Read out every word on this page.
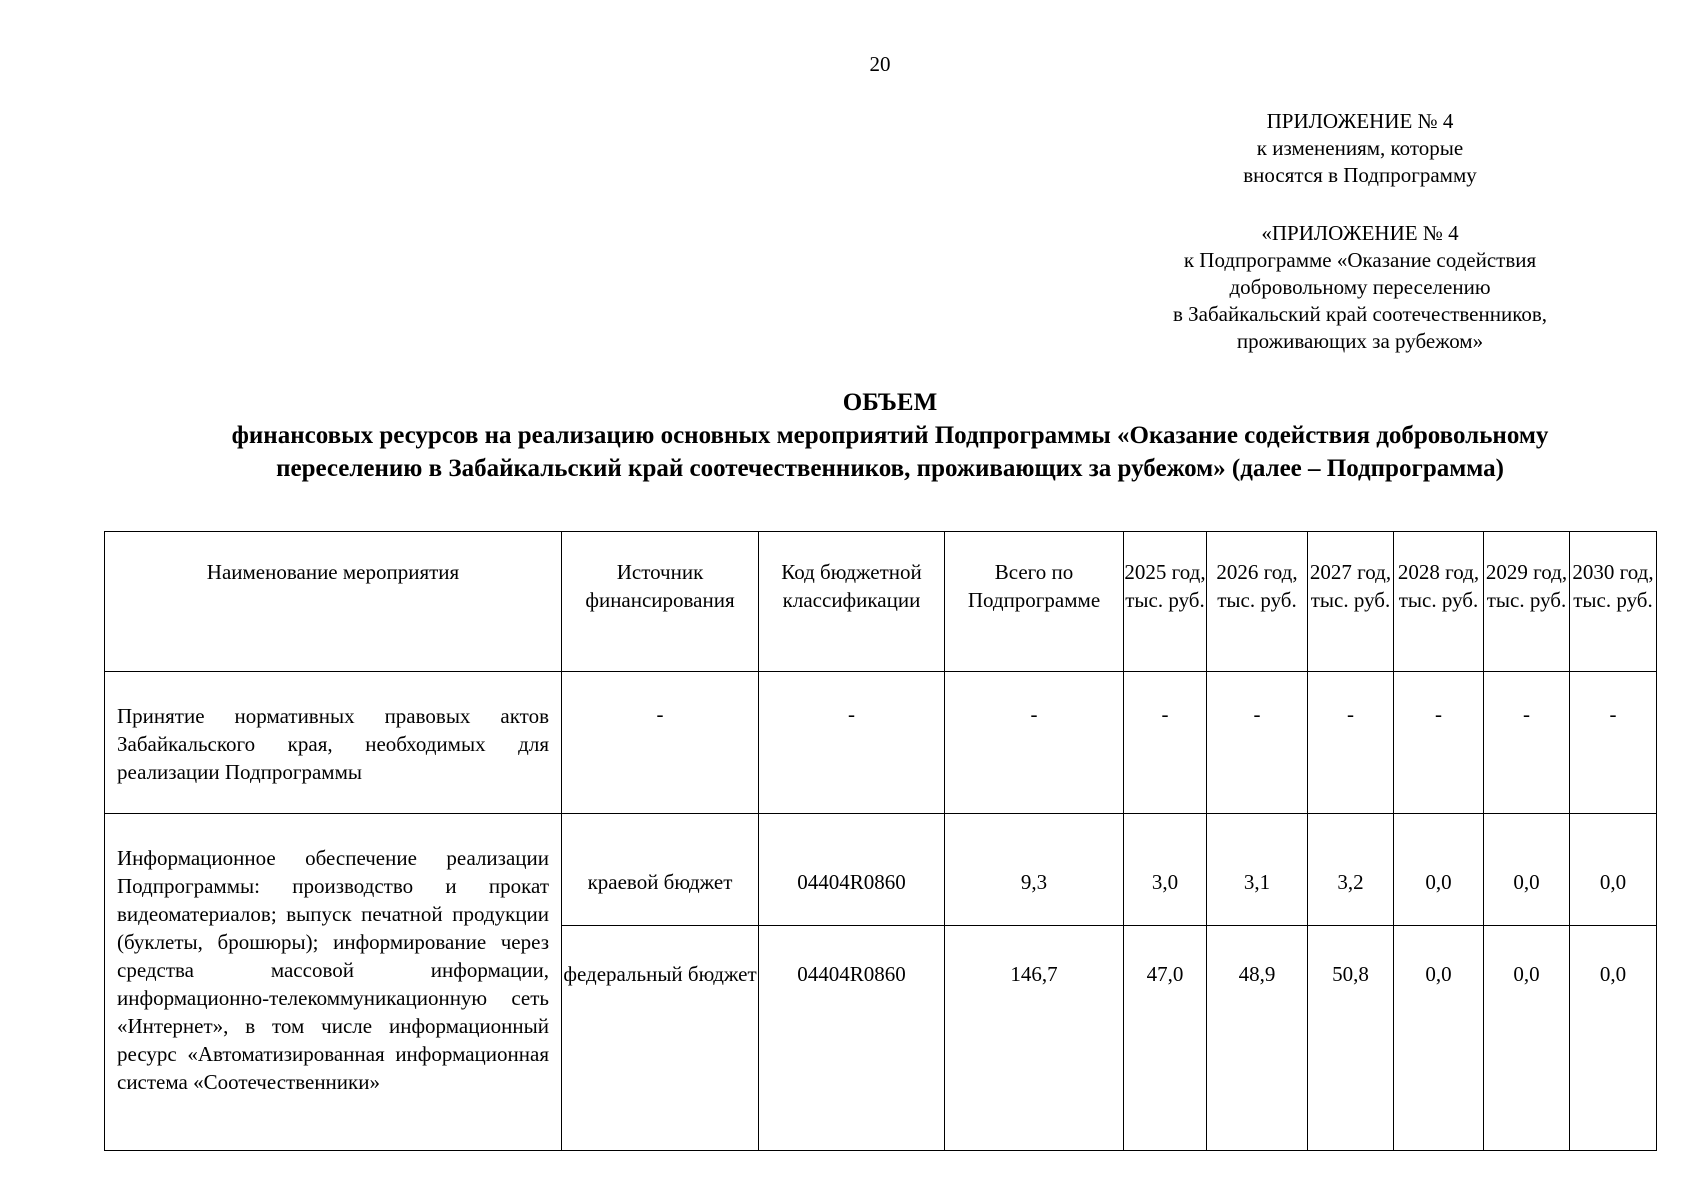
20
ПРИЛОЖЕНИЕ № 4
к изменениям, которые
вносятся в Подпрограмму
«ПРИЛОЖЕНИЕ № 4
к Подпрограмме «Оказание содействия
добровольному переселению
в Забайкальский край соотечественников,
проживающих за рубежом»
ОБЪЕМ
финансовых ресурсов на реализацию основных мероприятий Подпрограммы «Оказание содействия добровольному переселению в Забайкальский край соотечественников, проживающих за рубежом» (далее – Подпрограмма)
Наименование мероприятия	Источник финансирования	Код бюджетной классификации	Всего по Подпрограмме	2025 год, тыс. руб.	2026 год, тыс. руб.	2027 год, тыс. руб.	2028 год, тыс. руб.	2029 год, тыс. руб.	2030 год, тыс. руб.
Принятие нормативных правовых актов Забайкальского края, необходимых для реализации Подпрограммы	-	-	-	-	-	-	-	-	-
Информационное обеспечение реализации Подпрограммы: производство и прокат видеоматериалов; выпуск печатной продукции (буклеты, брошюры); информирование через средства массовой информации, информационно-телекоммуникационную сеть «Интернет», в том числе информационный ресурс «Автоматизированная информационная система «Соотечественники»	краевой бюджет	04404R0860	9,3	3,0	3,1	3,2	0,0	0,0	0,0
	федеральный бюджет	04404R0860	146,7	47,0	48,9	50,8	0,0	0,0	0,0
